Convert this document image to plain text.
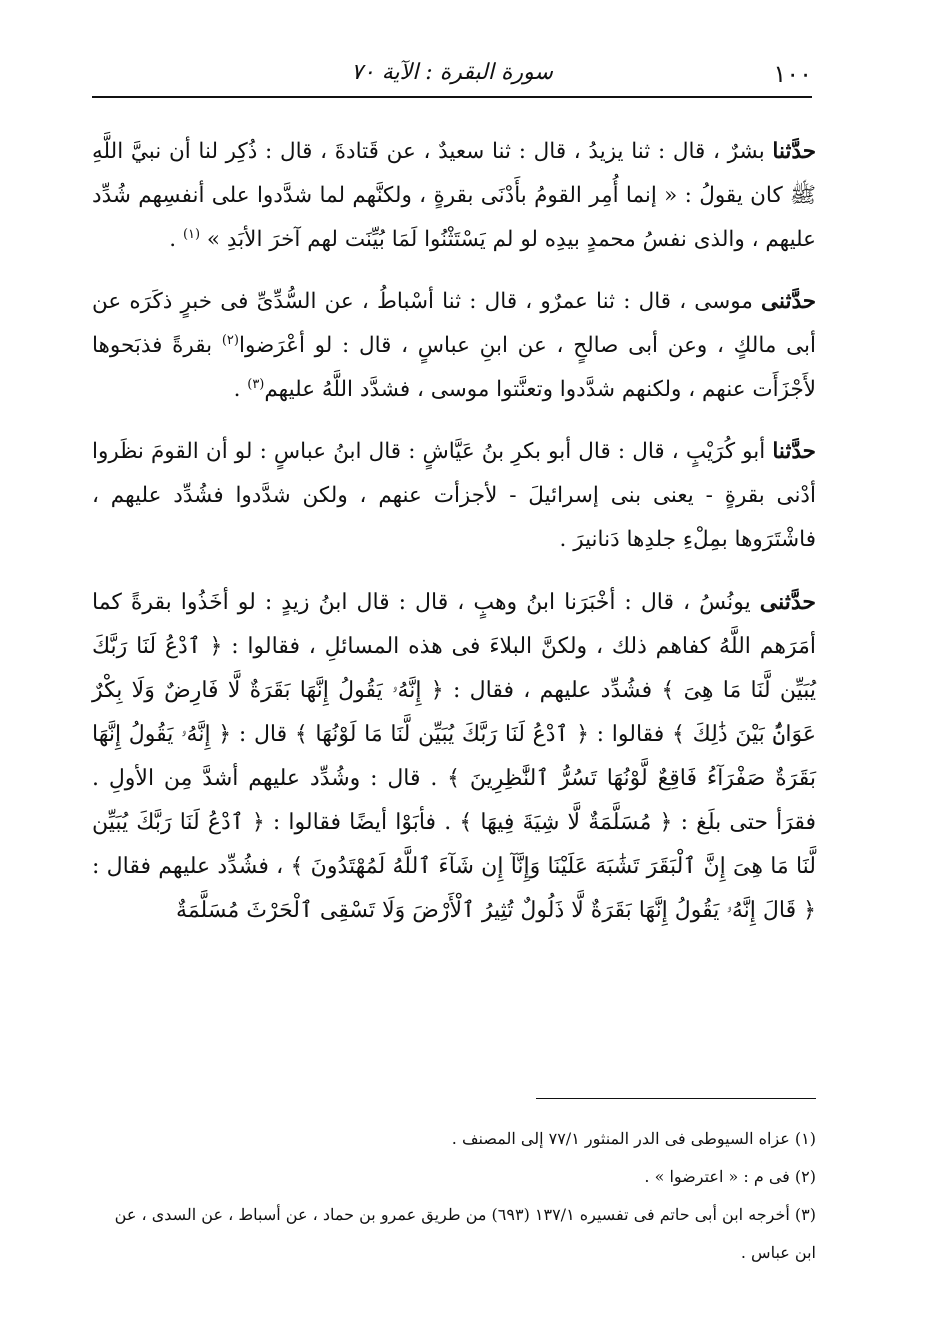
١٠٠
سورة البقرة : الآية ٧٠

حدَّثنا بشرٌ ، قال : ثنا يزيدُ ، قال : ثنا سعيدٌ ، عن قَتادةَ ، قال : ذُكِر لنا أن نبيَّ اللَّهِ ﷺ كان يقولُ : « إنما أُمِر القومُ بأَدْنَى بقرةٍ ، ولكنَّهم لما شدَّدوا على أنفسِهم شُدِّد عليهم ، والذى نفسُ محمدٍ بيدِه لو لم يَسْتَثْنُوا لَمَا بُيِّنَت لهم آخرَ الأبَدِ » $^{(١)}$ .

حدَّثنى موسى ، قال : ثنا عمرٌو ، قال : ثنا أسْباطُ ، عن السُّدِّىِّ فى خبرٍ ذكَرَه عن أبى مالكٍ ، وعن أبى صالحٍ ، عن ابنِ عباسٍ ، قال : لو أعْرَضوا$^{(٢)}$ بقرةً فذبَحوها لأَجْزَأَت عنهم ، ولكنهم شدَّدوا وتعنَّتوا موسى ، فشدَّد اللَّهُ عليهم$^{(٣)}$ .

حدَّثنا أبو كُرَيْبٍ ، قال : قال أبو بكرِ بنُ عَيَّاشٍ : قال ابنُ عباسٍ : لو أن القومَ نظَروا أدْنى بقرةٍ - يعنى بنى إسرائيلَ - لأجزأت عنهم ، ولكن شدَّدوا فشُدِّد عليهم ، فاشْتَرَوها بمِلْءِ جلدِها دَنانيرَ .

حدَّثنى يونُسُ ، قال : أخْبَرَنا ابنُ وهبٍ ، قال : قال ابنُ زيدٍ : لو أخَذُوا بقرةً كما أمَرَهم اللَّهُ كفاهم ذلك ، ولكنَّ البلاءَ فى هذه المسائلِ ، فقالوا : ﴿ ٱدْعُ لَنَا رَبَّكَ يُبَيِّن لَّنَا مَا هِىَ ﴾ فشُدِّد عليهم ، فقال : ﴿ إِنَّهُۥ يَقُولُ إِنَّهَا بَقَرَةٌ لَّا فَارِضٌ وَلَا بِكْرٌ عَوَانٌۢ بَيْنَ ذَٰلِكَ ﴾ فقالوا : ﴿ ٱدْعُ لَنَا رَبَّكَ يُبَيِّن لَّنَا مَا لَوْنُهَا ﴾ قال : ﴿ إِنَّهُۥ يَقُولُ إِنَّهَا بَقَرَةٌ صَفْرَآءُ فَاقِعٌ لَّوْنُهَا تَسُرُّ ٱلنَّٰظِرِينَ ﴾ . قال : وشُدِّد عليهم أشدَّ مِن الأولِ . فقرَأ حتى بلَغ : ﴿ مُسَلَّمَةٌ لَّا شِيَةَ فِيهَا ﴾ . فأبَوْا أيضًا فقالوا : ﴿ ٱدْعُ لَنَا رَبَّكَ يُبَيِّن لَّنَا مَا هِىَ إِنَّ ٱلْبَقَرَ تَشَٰبَهَ عَلَيْنَا وَإِنَّآ إِن شَآءَ ٱللَّهُ لَمُهْتَدُونَ ﴾ ، فشُدِّد عليهم فقال : ﴿ قَالَ إِنَّهُۥ يَقُولُ إِنَّهَا بَقَرَةٌ لَّا ذَلُولٌ تُثِيرُ ٱلْأَرْضَ وَلَا تَسْقِى ٱلْحَرْثَ مُسَلَّمَةٌ

(١) عزاه السيوطى فى الدر المنثور ٧٧/١ إلى المصنف .

(٢) فى م : « اعترضوا » .

(٣) أخرجه ابن أبى حاتم فى تفسيره ١٣٧/١ (٦٩٣) من طريق عمرو بن حماد ، عن أسباط ، عن السدى ، عن ابن عباس .
